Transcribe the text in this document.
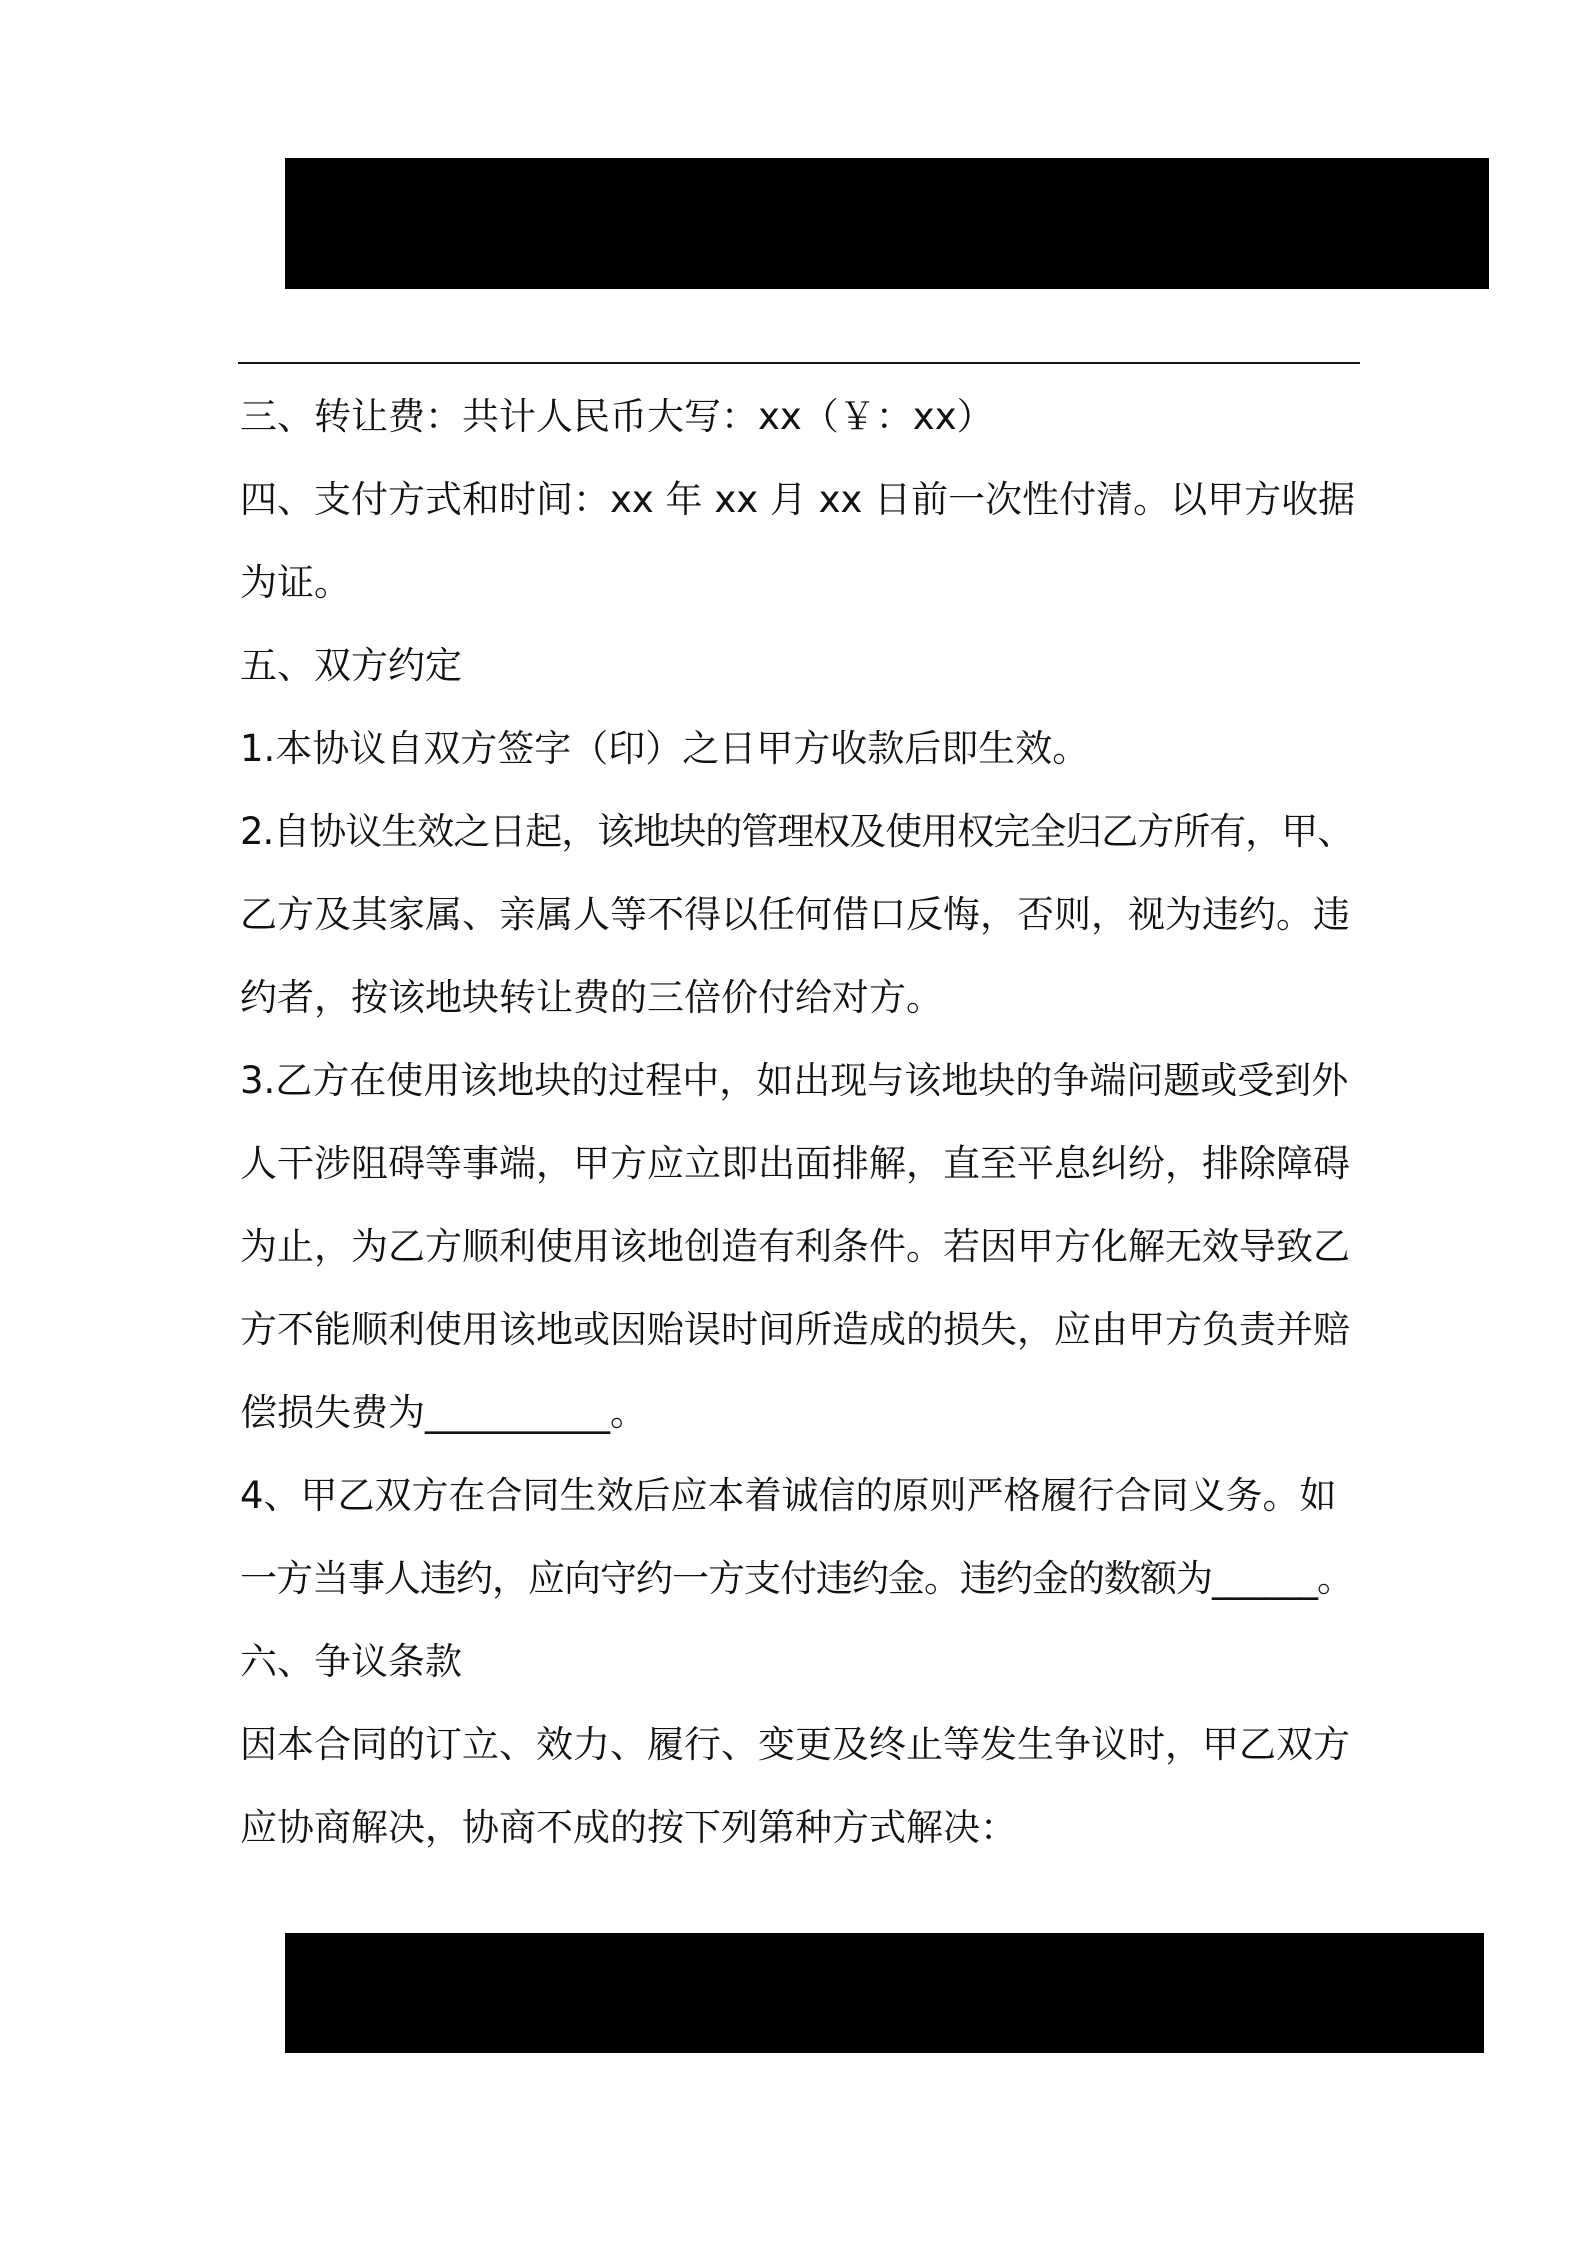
三、转让费：共计人民币大写：xx（￥：xx）

四、支付方式和时间：xx 年 xx 月 xx 日前一次性付清。以甲方收据

为证。

五、双方约定

1.本协议自双方签字（印）之日甲方收款后即生效。

2.自协议生效之日起，该地块的管理权及使用权完全归乙方所有，甲、

乙方及其家属、亲属人等不得以任何借口反悔，否则，视为违约。违

约者，按该地块转让费的三倍价付给对方。

3.乙方在使用该地块的过程中，如出现与该地块的争端问题或受到外

人干涉阻碍等事端，甲方应立即出面排解，直至平息纠纷，排除障碍

为止，为乙方顺利使用该地创造有利条件。若因甲方化解无效导致乙

方不能顺利使用该地或因贻误时间所造成的损失，应由甲方负责并赔

偿损失费为__________。

4、甲乙双方在合同生效后应本着诚信的原则严格履行合同义务。如

一方当事人违约，应向守约一方支付违约金。违约金的数额为______。

六、争议条款

因本合同的订立、效力、履行、变更及终止等发生争议时，甲乙双方

应协商解决，协商不成的按下列第种方式解决：
